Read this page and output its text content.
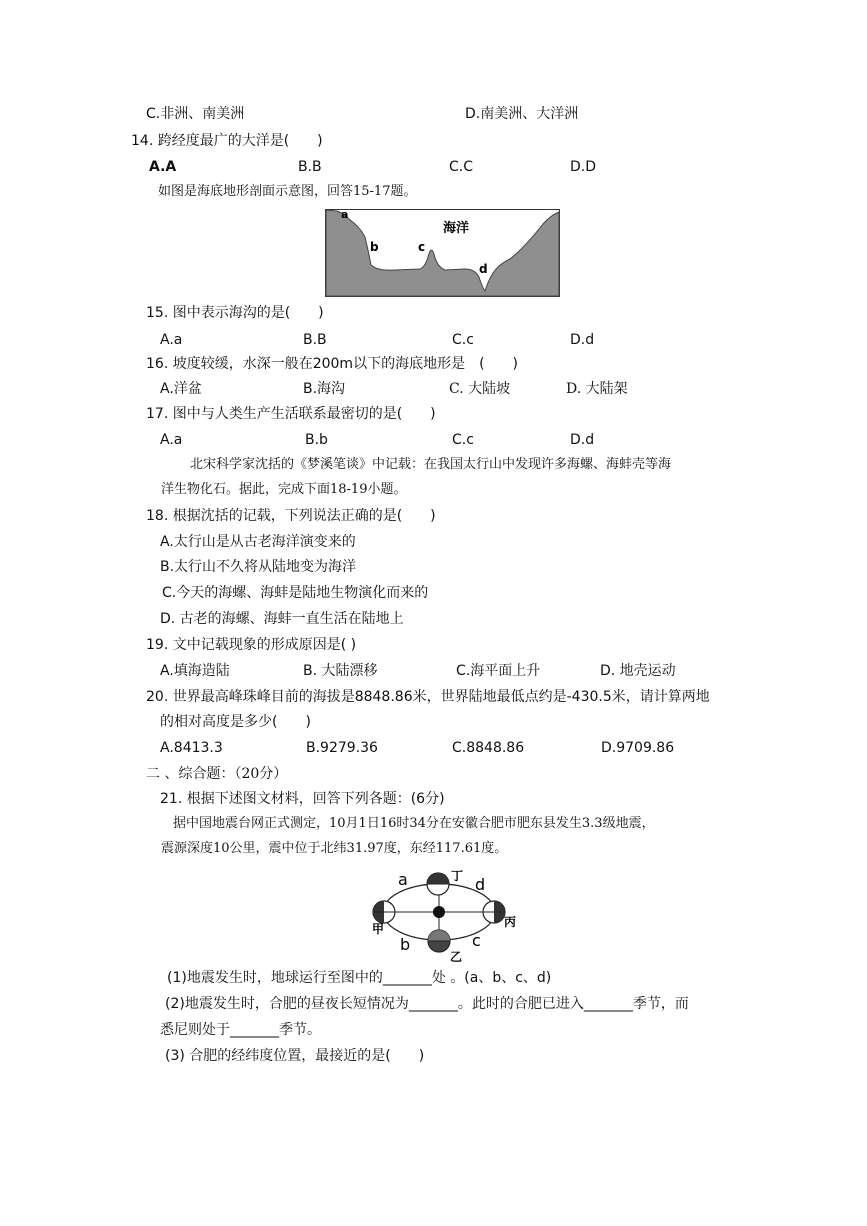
C.非洲、南美洲	D.南美洲、大洋洲
14. 跨经度最广的大洋是(　　)
A.A	B.B	C.C	D.D
如图是海底地形剖面示意图，回答15-17题。
a
b	c
d
海洋
15. 图中表示海沟的是(　　)
A.a	B.B	C.c	D.d
16. 坡度较缓，水深一般在200m以下的海底地形是　(　　)
A.洋盆	B.海沟	C. 大陆坡	D. 大陆架
17. 图中与人类生产生活联系最密切的是(　　)
A.a	B.b	C.c	D.d
北宋科学家沈括的《梦溪笔谈》中记载：在我国太行山中发现许多海螺、海蚌壳等海
洋生物化石。据此，完成下面18-19小题。
18. 根据沈括的记载，下列说法正确的是(　　)
A.太行山是从古老海洋演变来的
B.太行山不久将从陆地变为海洋
C.今天的海螺、海蚌是陆地生物演化而来的
D. 古老的海螺、海蚌一直生活在陆地上
19. 文中记载现象的形成原因是( )
A.填海造陆	B. 大陆漂移	C.海平面上升	D. 地壳运动
20. 世界最高峰珠峰目前的海拔是8848.86米，世界陆地最低点约是-430.5米，请计算两地
的相对高度是多少(　　)
A.8413.3	B.9279.36	C.8848.86	D.9709.86
二 、综合题：（20分）
21. 根据下述图文材料，回答下列各题：(6分)
据中国地震台网正式测定，10月1日16时34分在安徽合肥市肥东县发生3.3级地震，
震源深度10公里，震中位于北纬31.97度，东经117.61度。
a	d
b	c
丁
丙
甲
乙
(1)地震发生时，地球运行至图中的_______处 。(a、b、c、d)
(2)地震发生时，合肥的昼夜长短情况为_______。此时的合肥已进入_______季节，而
悉尼则处于_______季节。
(3) 合肥的经纬度位置，最接近的是(　　)
